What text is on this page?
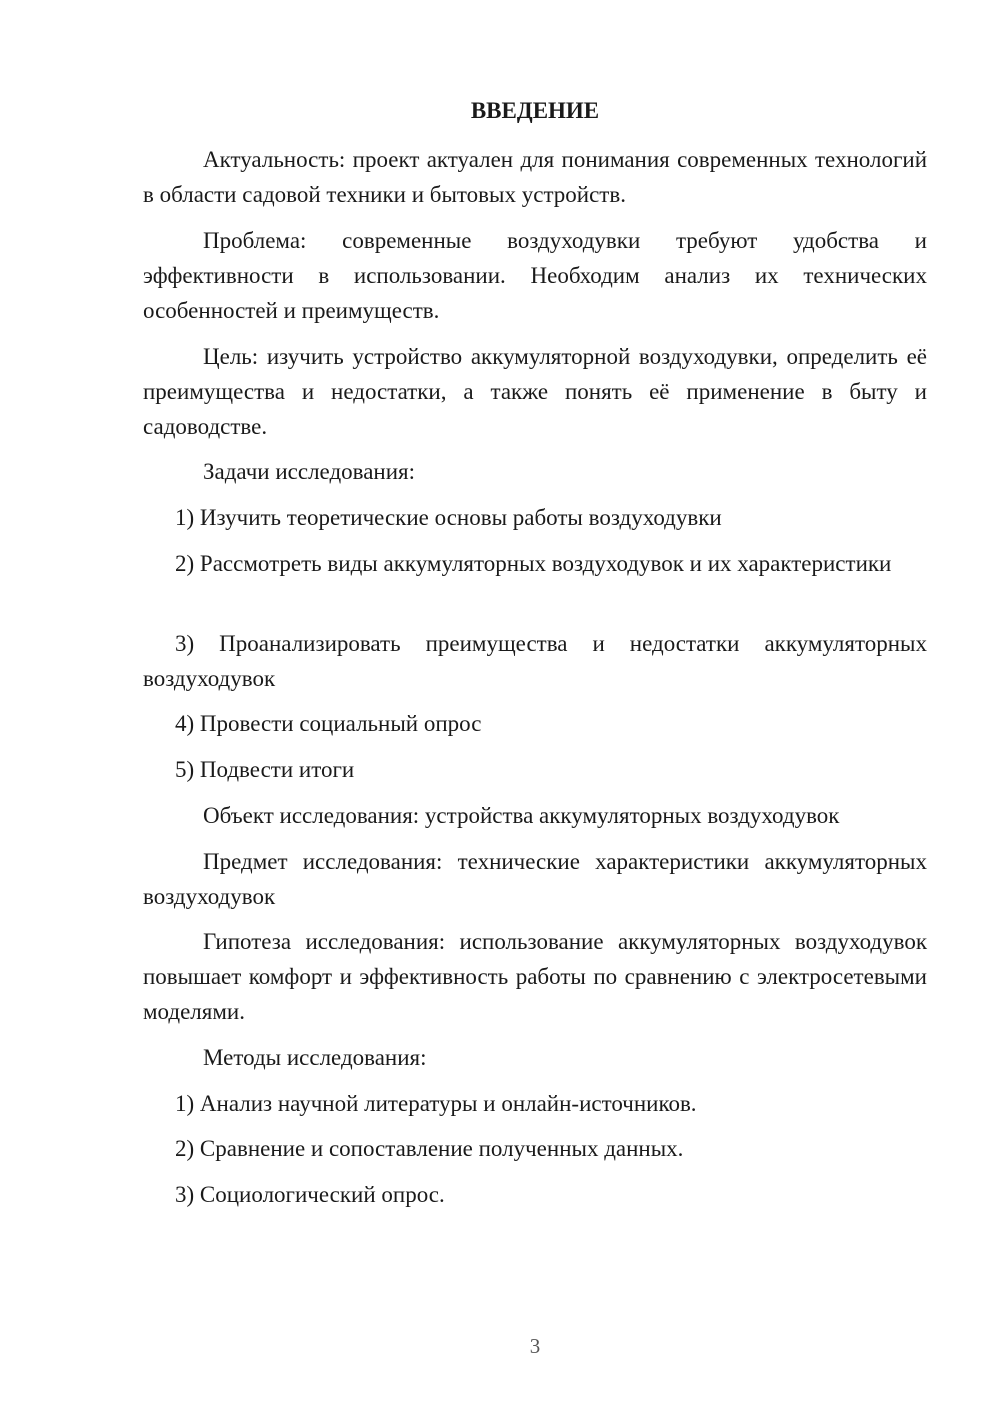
ВВЕДЕНИЕ

Актуальность: проект актуален для понимания современных технологий в области садовой техники и бытовых устройств.

Проблема: современные воздуходувки требуют удобства и эффективности в использовании. Необходим анализ их технических особенностей и преимуществ.

Цель: изучить устройство аккумуляторной воздуходувки, определить её преимущества и недостатки, а также понять её применение в быту и садоводстве.

Задачи исследования:

1) Изучить теоретические основы работы воздуходувки

2) Рассмотреть виды аккумуляторных воздуходувок и их характеристики

3) Проанализировать преимущества и недостатки аккумуляторных воздуходувок

4) Провести социальный опрос

5) Подвести итоги

Объект исследования: устройства аккумуляторных воздуходувок

Предмет исследования: технические характеристики аккумуляторных воздуходувок

Гипотеза исследования: использование аккумуляторных воздуходувок повышает комфорт и эффективность работы по сравнению с электросетевыми моделями.

Методы исследования:

1) Анализ научной литературы и онлайн-источников.

2) Сравнение и сопоставление полученных данных.

3) Социологический опрос.

3
